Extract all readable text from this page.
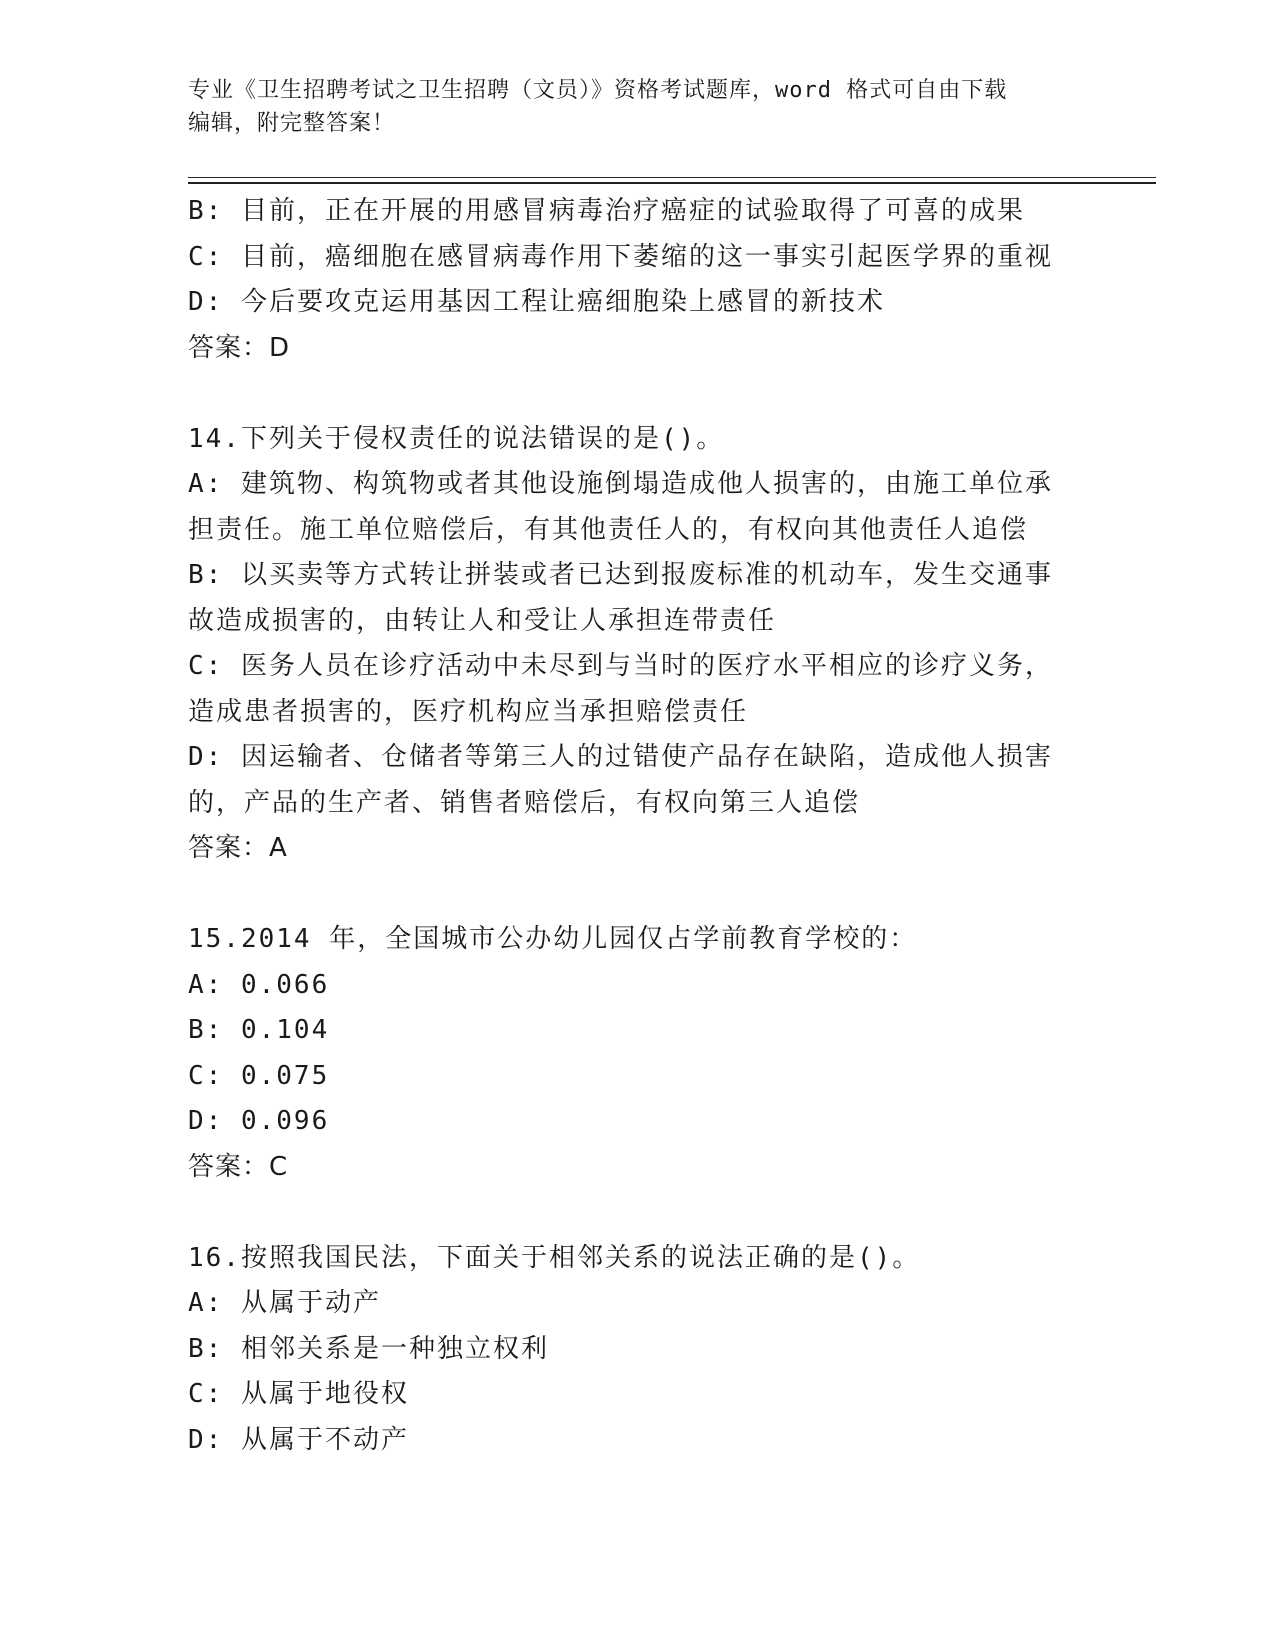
专业《卫生招聘考试之卫生招聘（文员）》资格考试题库，word 格式可自由下载
编辑，附完整答案！
B: 目前，正在开展的用感冒病毒治疗癌症的试验取得了可喜的成果
C: 目前，癌细胞在感冒病毒作用下萎缩的这一事实引起医学界的重视
D: 今后要攻克运用基因工程让癌细胞染上感冒的新技术
答案：D
14.下列关于侵权责任的说法错误的是()。
A: 建筑物、构筑物或者其他设施倒塌造成他人损害的，由施工单位承
担责任。施工单位赔偿后，有其他责任人的，有权向其他责任人追偿
B: 以买卖等方式转让拼装或者已达到报废标准的机动车，发生交通事
故造成损害的，由转让人和受让人承担连带责任
C: 医务人员在诊疗活动中未尽到与当时的医疗水平相应的诊疗义务，
造成患者损害的，医疗机构应当承担赔偿责任
D: 因运输者、仓储者等第三人的过错使产品存在缺陷，造成他人损害
的，产品的生产者、销售者赔偿后，有权向第三人追偿
答案：A
15.2014 年，全国城市公办幼儿园仅占学前教育学校的：
A: 0.066
B: 0.104
C: 0.075
D: 0.096
答案：C
16.按照我国民法，下面关于相邻关系的说法正确的是()。
A: 从属于动产
B: 相邻关系是一种独立权利
C: 从属于地役权
D: 从属于不动产
